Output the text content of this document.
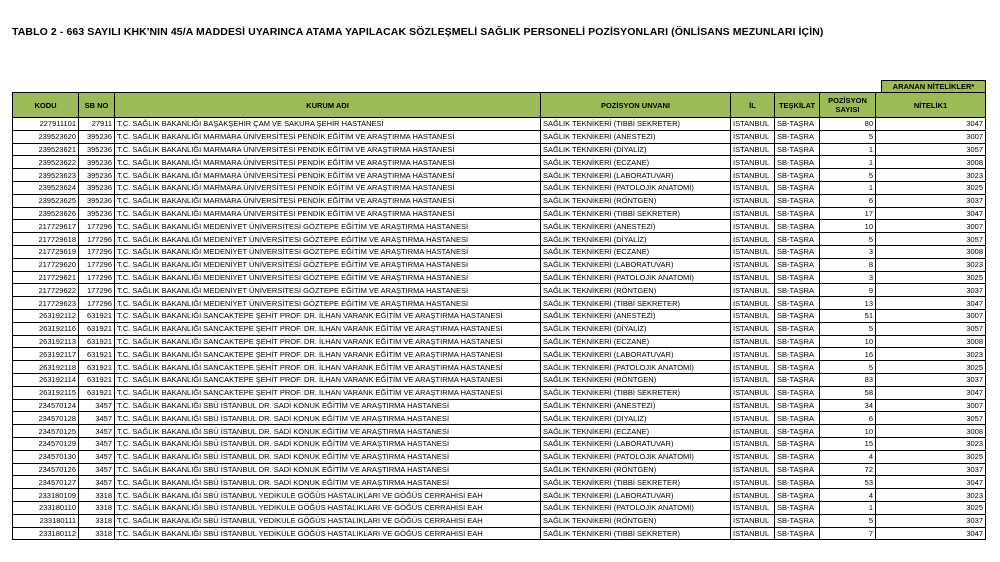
TABLO 2 - 663 SAYILI KHK'NIN 45/A MADDESİ UYARINCA ATAMA YAPILACAK SÖZLEŞMELİ SAĞLIK PERSONELİ POZİSYONLARI (ÖNLİSANS MEZUNLARI İÇİN)
ARANAN NİTELİKLER*
KODU	SB NO	KURUM ADI	POZİSYON UNVANI	İL	TEŞKİLAT	POZİSYON SAYISI	NİTELİK1
227911101	27911	T.C. SAĞLIK BAKANLIĞI BAŞAKŞEHİR ÇAM VE SAKURA ŞEHİR HASTANESİ	SAĞLIK TEKNİKERİ (TIBBİ SEKRETER)	İSTANBUL	SB-TAŞRA	80	3047
239523620	395236	T.C. SAĞLIK BAKANLIĞI MARMARA ÜNİVERSİTESİ PENDİK EĞİTİM VE ARAŞTIRMA HASTANESİ	SAĞLIK TEKNİKERİ (ANESTEZİ)	İSTANBUL	SB-TAŞRA	5	3007
239523621	395236	T.C. SAĞLIK BAKANLIĞI MARMARA ÜNİVERSİTESİ PENDİK EĞİTİM VE ARAŞTIRMA HASTANESİ	SAĞLIK TEKNİKERİ (DİYALİZ)	İSTANBUL	SB-TAŞRA	1	3057
239523622	395236	T.C. SAĞLIK BAKANLIĞI MARMARA ÜNİVERSİTESİ PENDİK EĞİTİM VE ARAŞTIRMA HASTANESİ	SAĞLIK TEKNİKERİ (ECZANE)	İSTANBUL	SB-TAŞRA	1	3008
239523623	395236	T.C. SAĞLIK BAKANLIĞI MARMARA ÜNİVERSİTESİ PENDİK EĞİTİM VE ARAŞTIRMA HASTANESİ	SAĞLIK TEKNİKERİ (LABORATUVAR)	İSTANBUL	SB-TAŞRA	5	3023
239523624	395236	T.C. SAĞLIK BAKANLIĞI MARMARA ÜNİVERSİTESİ PENDİK EĞİTİM VE ARAŞTIRMA HASTANESİ	SAĞLIK TEKNİKERİ (PATOLOJİK ANATOMİ)	İSTANBUL	SB-TAŞRA	1	3025
239523625	395236	T.C. SAĞLIK BAKANLIĞI MARMARA ÜNİVERSİTESİ PENDİK EĞİTİM VE ARAŞTIRMA HASTANESİ	SAĞLIK TEKNİKERİ (RÖNTGEN)	İSTANBUL	SB-TAŞRA	6	3037
239523626	395236	T.C. SAĞLIK BAKANLIĞI MARMARA ÜNİVERSİTESİ PENDİK EĞİTİM VE ARAŞTIRMA HASTANESİ	SAĞLIK TEKNİKERİ (TIBBİ SEKRETER)	İSTANBUL	SB-TAŞRA	17	3047
217729617	177296	T.C. SAĞLIK BAKANLIĞI MEDENİYET ÜNİVERSİTESİ GÖZTEPE EĞİTİM VE ARAŞTIRMA HASTANESİ	SAĞLIK TEKNİKERİ (ANESTEZİ)	İSTANBUL	SB-TAŞRA	10	3007
217729618	177296	T.C. SAĞLIK BAKANLIĞI MEDENİYET ÜNİVERSİTESİ GÖZTEPE EĞİTİM VE ARAŞTIRMA HASTANESİ	SAĞLIK TEKNİKERİ (DİYALİZ)	İSTANBUL	SB-TAŞRA	5	3057
217729619	177296	T.C. SAĞLIK BAKANLIĞI MEDENİYET ÜNİVERSİTESİ GÖZTEPE EĞİTİM VE ARAŞTIRMA HASTANESİ	SAĞLIK TEKNİKERİ (ECZANE)	İSTANBUL	SB-TAŞRA	3	3008
217729620	177296	T.C. SAĞLIK BAKANLIĞI MEDENİYET ÜNİVERSİTESİ GÖZTEPE EĞİTİM VE ARAŞTIRMA HASTANESİ	SAĞLIK TEKNİKERİ (LABORATUVAR)	İSTANBUL	SB-TAŞRA	8	3023
217729621	177296	T.C. SAĞLIK BAKANLIĞI MEDENİYET ÜNİVERSİTESİ GÖZTEPE EĞİTİM VE ARAŞTIRMA HASTANESİ	SAĞLIK TEKNİKERİ (PATOLOJİK ANATOMİ)	İSTANBUL	SB-TAŞRA	3	3025
217729622	177296	T.C. SAĞLIK BAKANLIĞI MEDENİYET ÜNİVERSİTESİ GÖZTEPE EĞİTİM VE ARAŞTIRMA HASTANESİ	SAĞLIK TEKNİKERİ (RÖNTGEN)	İSTANBUL	SB-TAŞRA	9	3037
217729623	177296	T.C. SAĞLIK BAKANLIĞI MEDENİYET ÜNİVERSİTESİ GÖZTEPE EĞİTİM VE ARAŞTIRMA HASTANESİ	SAĞLIK TEKNİKERİ (TIBBİ SEKRETER)	İSTANBUL	SB-TAŞRA	13	3047
263192112	631921	T.C. SAĞLIK BAKANLIĞI SANCAKTEPE ŞEHİT PROF. DR. İLHAN VARANK EĞİTİM VE ARAŞTIRMA HASTANESİ	SAĞLIK TEKNİKERİ (ANESTEZİ)	İSTANBUL	SB-TAŞRA	51	3007
263192116	631921	T.C. SAĞLIK BAKANLIĞI SANCAKTEPE ŞEHİT PROF. DR. İLHAN VARANK EĞİTİM VE ARAŞTIRMA HASTANESİ	SAĞLIK TEKNİKERİ (DİYALİZ)	İSTANBUL	SB-TAŞRA	5	3057
263192113	631921	T.C. SAĞLIK BAKANLIĞI SANCAKTEPE ŞEHİT PROF. DR. İLHAN VARANK EĞİTİM VE ARAŞTIRMA HASTANESİ	SAĞLIK TEKNİKERİ (ECZANE)	İSTANBUL	SB-TAŞRA	10	3008
263192117	631921	T.C. SAĞLIK BAKANLIĞI SANCAKTEPE ŞEHİT PROF. DR. İLHAN VARANK EĞİTİM VE ARAŞTIRMA HASTANESİ	SAĞLIK TEKNİKERİ (LABORATUVAR)	İSTANBUL	SB-TAŞRA	16	3023
263192118	631921	T.C. SAĞLIK BAKANLIĞI SANCAKTEPE ŞEHİT PROF. DR. İLHAN VARANK EĞİTİM VE ARAŞTIRMA HASTANESİ	SAĞLIK TEKNİKERİ (PATOLOJİK ANATOMİ)	İSTANBUL	SB-TAŞRA	5	3025
263192114	631921	T.C. SAĞLIK BAKANLIĞI SANCAKTEPE ŞEHİT PROF. DR. İLHAN VARANK EĞİTİM VE ARAŞTIRMA HASTANESİ	SAĞLIK TEKNİKERİ (RÖNTGEN)	İSTANBUL	SB-TAŞRA	83	3037
263192115	631921	T.C. SAĞLIK BAKANLIĞI SANCAKTEPE ŞEHİT PROF. DR. İLHAN VARANK EĞİTİM VE ARAŞTIRMA HASTANESİ	SAĞLIK TEKNİKERİ (TIBBİ SEKRETER)	İSTANBUL	SB-TAŞRA	58	3047
234570124	3457	T.C. SAĞLIK BAKANLIĞI SBÜ İSTANBUL DR. SADİ KONUK EĞİTİM VE ARAŞTIRMA HASTANESİ	SAĞLIK TEKNİKERİ (ANESTEZİ)	İSTANBUL	SB-TAŞRA	34	3007
234570128	3457	T.C. SAĞLIK BAKANLIĞI SBÜ İSTANBUL DR. SADİ KONUK EĞİTİM VE ARAŞTIRMA HASTANESİ	SAĞLIK TEKNİKERİ (DİYALİZ)	İSTANBUL	SB-TAŞRA	6	3057
234570125	3457	T.C. SAĞLIK BAKANLIĞI SBÜ İSTANBUL DR. SADİ KONUK EĞİTİM VE ARAŞTIRMA HASTANESİ	SAĞLIK TEKNİKERİ (ECZANE)	İSTANBUL	SB-TAŞRA	10	3008
234570129	3457	T.C. SAĞLIK BAKANLIĞI SBÜ İSTANBUL DR. SADİ KONUK EĞİTİM VE ARAŞTIRMA HASTANESİ	SAĞLIK TEKNİKERİ (LABORATUVAR)	İSTANBUL	SB-TAŞRA	15	3023
234570130	3457	T.C. SAĞLIK BAKANLIĞI SBÜ İSTANBUL DR. SADİ KONUK EĞİTİM VE ARAŞTIRMA HASTANESİ	SAĞLIK TEKNİKERİ (PATOLOJİK ANATOMİ)	İSTANBUL	SB-TAŞRA	4	3025
234570126	3457	T.C. SAĞLIK BAKANLIĞI SBÜ İSTANBUL DR. SADİ KONUK EĞİTİM VE ARAŞTIRMA HASTANESİ	SAĞLIK TEKNİKERİ (RÖNTGEN)	İSTANBUL	SB-TAŞRA	72	3037
234570127	3457	T.C. SAĞLIK BAKANLIĞI SBÜ İSTANBUL DR. SADİ KONUK EĞİTİM VE ARAŞTIRMA HASTANESİ	SAĞLIK TEKNİKERİ (TIBBİ SEKRETER)	İSTANBUL	SB-TAŞRA	53	3047
233180109	3318	T.C. SAĞLIK BAKANLIĞI SBÜ İSTANBUL YEDİKULE GÖĞÜS HASTALIKLARI VE GÖĞÜS CERRAHİSİ EAH	SAĞLIK TEKNİKERİ (LABORATUVAR)	İSTANBUL	SB-TAŞRA	4	3023
233180110	3318	T.C. SAĞLIK BAKANLIĞI SBÜ İSTANBUL YEDİKULE GÖĞÜS HASTALIKLARI VE GÖĞÜS CERRAHİSİ EAH	SAĞLIK TEKNİKERİ (PATOLOJİK ANATOMİ)	İSTANBUL	SB-TAŞRA	1	3025
233180111	3318	T.C. SAĞLIK BAKANLIĞI SBÜ İSTANBUL YEDİKULE GÖĞÜS HASTALIKLARI VE GÖĞÜS CERRAHİSİ EAH	SAĞLIK TEKNİKERİ (RÖNTGEN)	İSTANBUL	SB-TAŞRA	5	3037
233180112	3318	T.C. SAĞLIK BAKANLIĞI SBÜ İSTANBUL YEDİKULE GÖĞÜS HASTALIKLARI VE GÖĞÜS CERRAHİSİ EAH	SAĞLIK TEKNİKERİ (TIBBİ SEKRETER)	İSTANBUL	SB-TAŞRA	7	3047
